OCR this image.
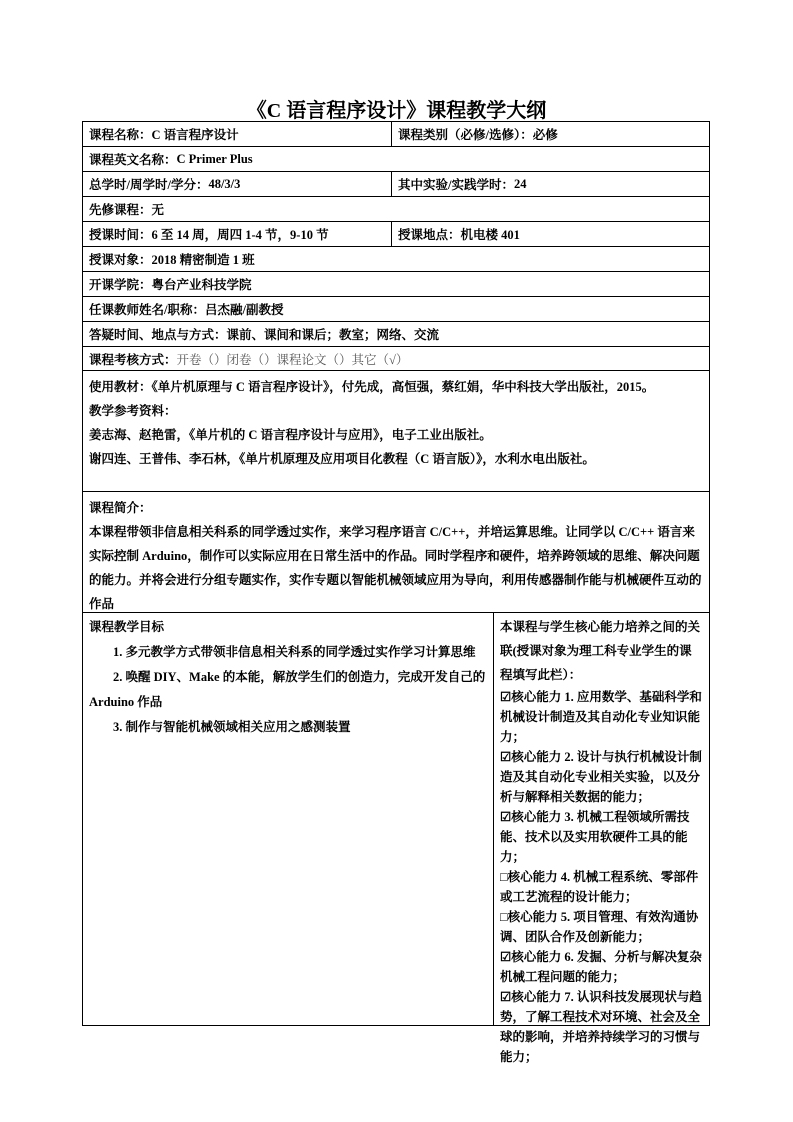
《C 语言程序设计》课程教学大纲
课程名称： C 语言程序设计	课程类别（必修/选修）： 必修
课程英文名称： C Primer Plus
总学时/周学时/学分： 48/3/3	其中实验/实践学时： 24
先修课程： 无
授课时间： 6 至 14 周，周四 1-4 节，9-10 节	授课地点： 机电楼 401
授课对象： 2018 精密制造 1 班
开课学院： 粤台产业科技学院
任课教师姓名/职称： 吕杰融/副教授
答疑时间、地点与方式： 课前、课间和课后；教室；网络、交流
课程考核方式： 开卷（）闭卷（）课程论文（）其它（√）

使用教材：《单片机原理与 C 语言程序设计》，付先成，高恒强，蔡红娟，华中科技大学出版社，2015。

教学参考资料：

姜志海、赵艳雷，《单片机的 C 语言程序设计与应用》，电子工业出版社。

谢四连、王普伟、李石林，《单片机原理及应用项目化教程（C 语言版）》，水利水电出版社。

课程简介：

本课程带领非信息相关科系的同学透过实作，来学习程序语言 C/C++，并培运算思维。让同学以 C/C++ 语言来实际控制 Arduino，制作可以实际应用在日常生活中的作品。同时学程序和硬件，培养跨领域的思维、解决问题的能力。并将会进行分组专题实作，实作专题以智能机械领域应用为导向，利用传感器制作能与机械硬件互动的作品

课程教学目标

1. 多元教学方式带领非信息相关科系的同学透过实作学习计算思维

2. 唤醒 DIY、Make 的本能，解放学生们的创造力，完成开发自己的 Arduino 作品

3. 制作与智能机械领域相关应用之感测装置

本课程与学生核心能力培养之间的关联(授课对象为理工科专业学生的课程填写此栏）：

☑核心能力 1. 应用数学、基础科学和机械设计制造及其自动化专业知识能力；

☑核心能力 2. 设计与执行机械设计制造及其自动化专业相关实验，以及分析与解释相关数据的能力；

☑核心能力 3. 机械工程领域所需技能、技术以及实用软硬件工具的能力；

□核心能力 4. 机械工程系统、零部件或工艺流程的设计能力；

□核心能力 5. 项目管理、有效沟通协调、团队合作及创新能力；

☑核心能力 6. 发掘、分析与解决复杂机械工程问题的能力；

☑核心能力 7. 认识科技发展现状与趋势，了解工程技术对环境、社会及全球的影响，并培养持续学习的习惯与能力；
